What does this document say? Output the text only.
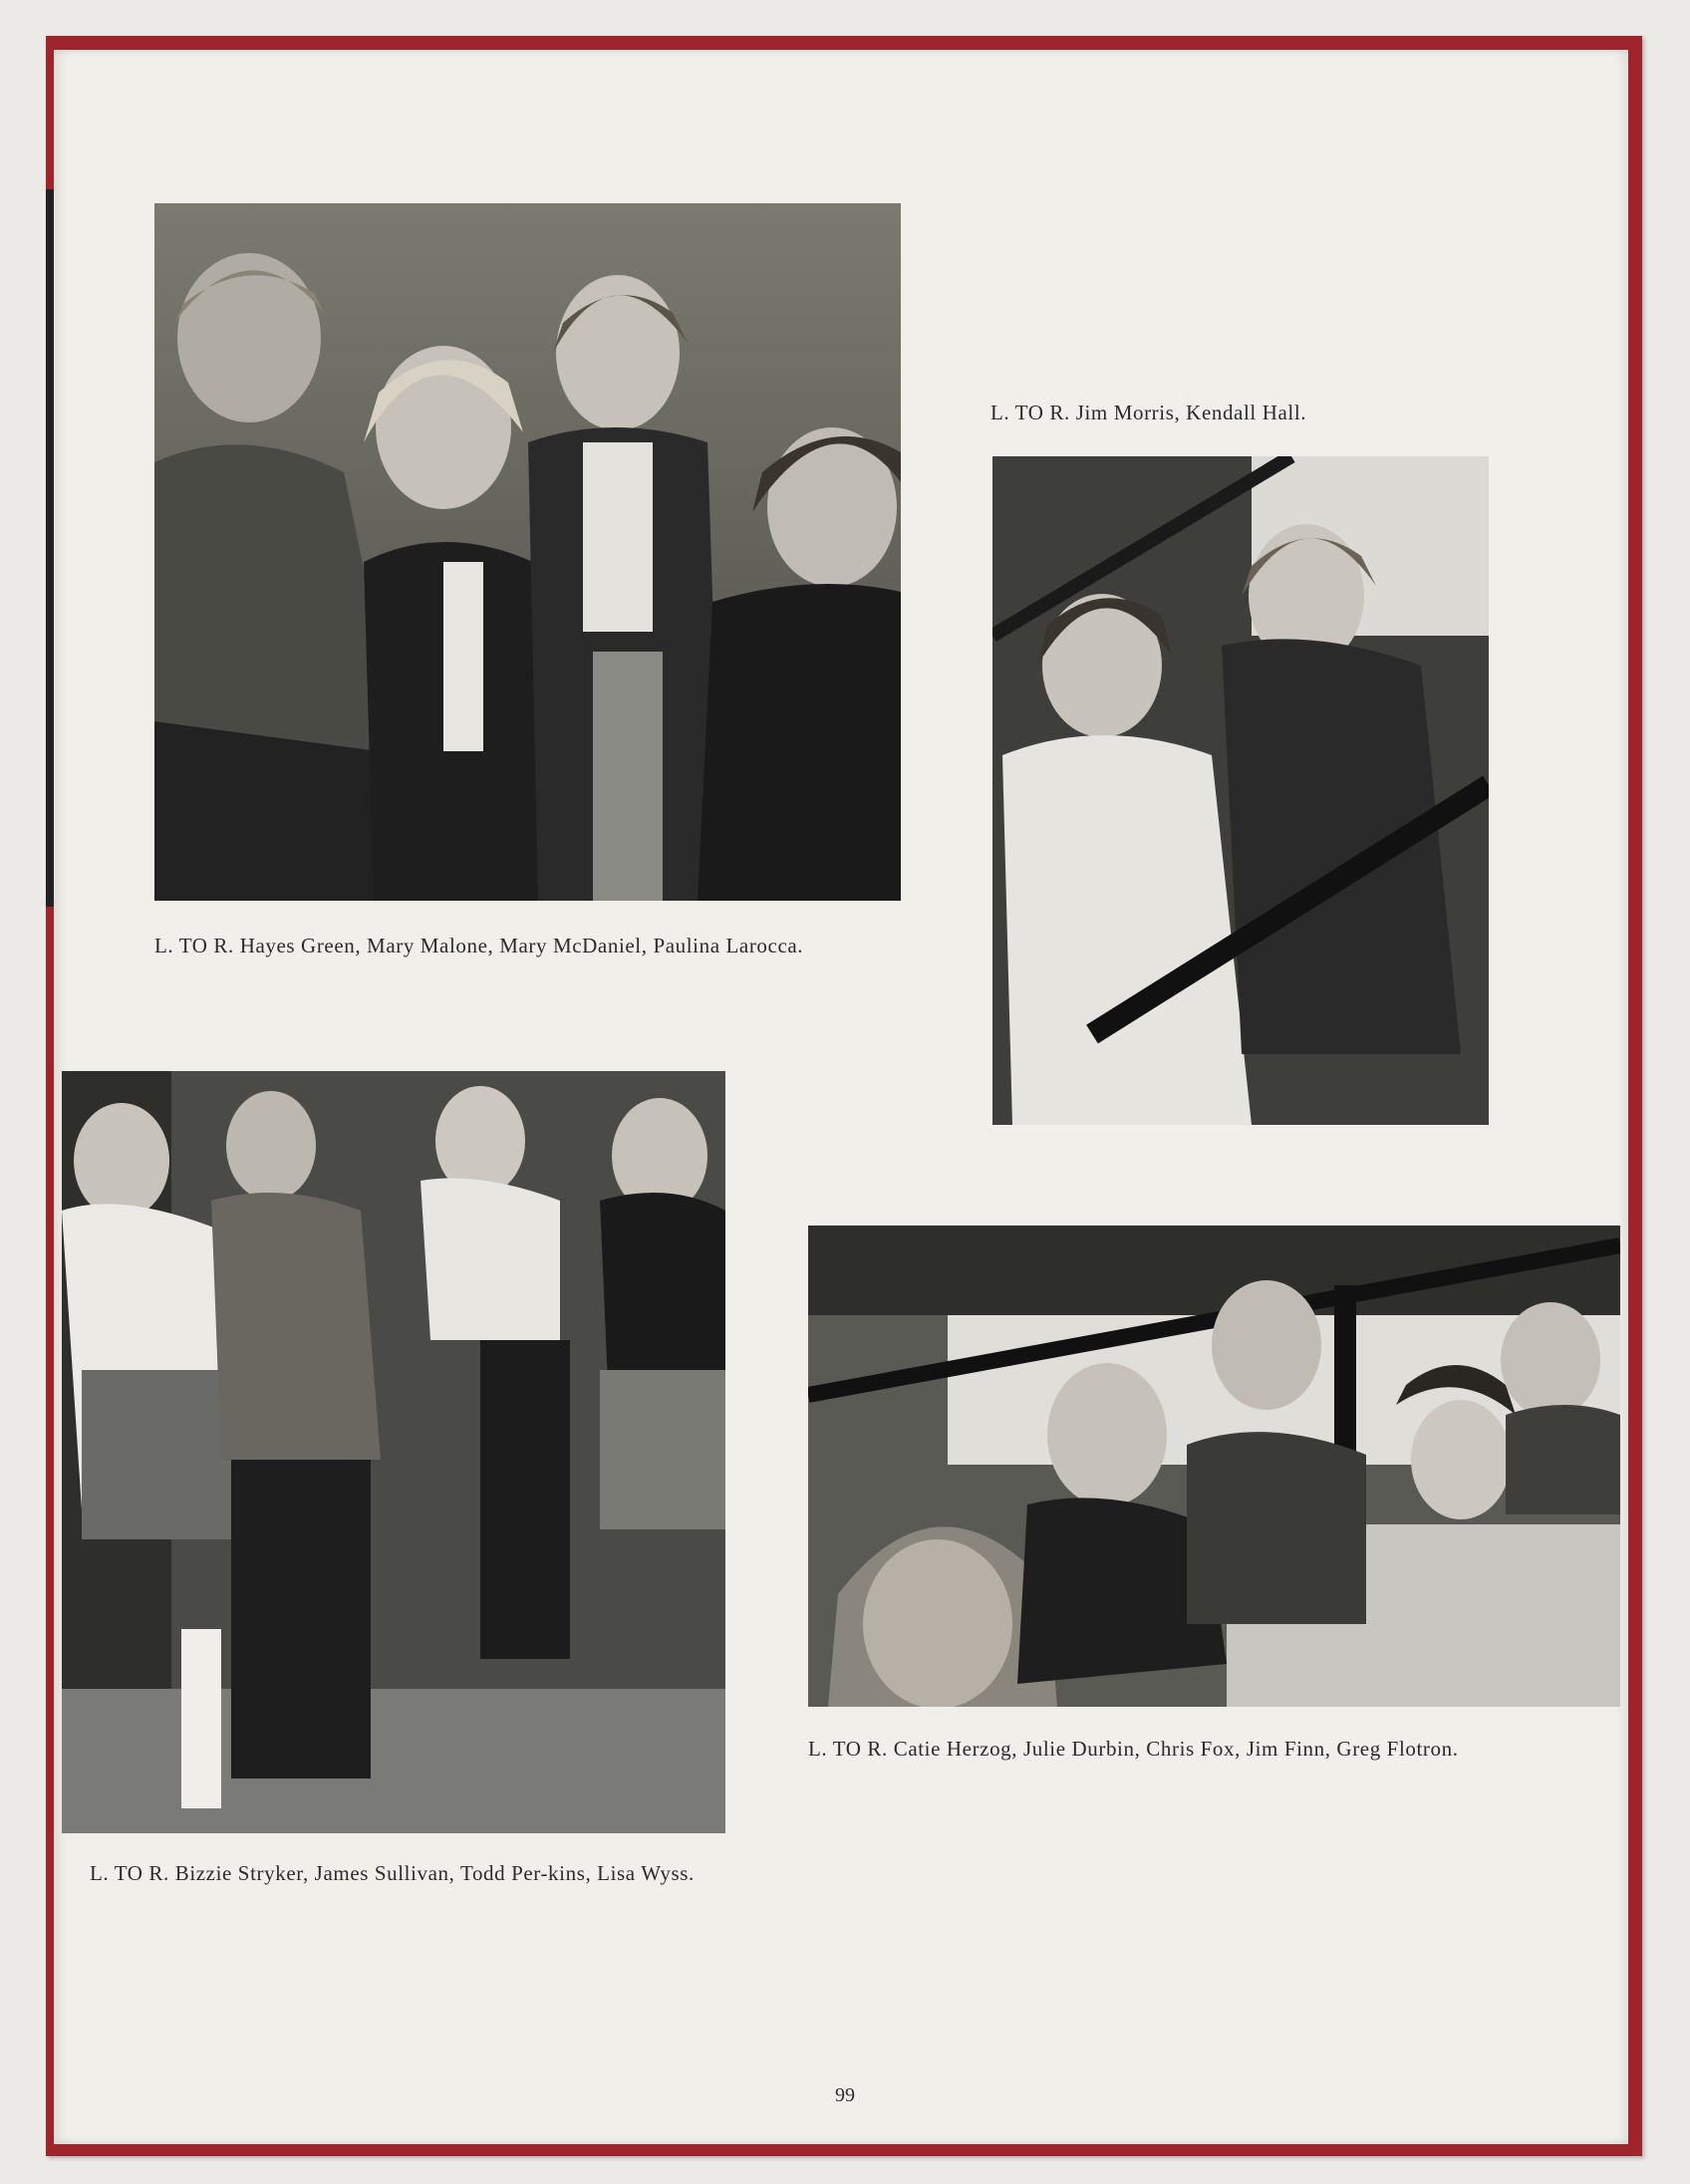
L. TO R. Hayes Green, Mary Malone, Mary McDaniel, Paulina Larocca.
L. TO R. Jim Morris, Kendall Hall.
L. TO R. Bizzie Stryker, James Sullivan, Todd Per-kins, Lisa Wyss.
L. TO R. Catie Herzog, Julie Durbin, Chris Fox, Jim Finn, Greg Flotron.
99
